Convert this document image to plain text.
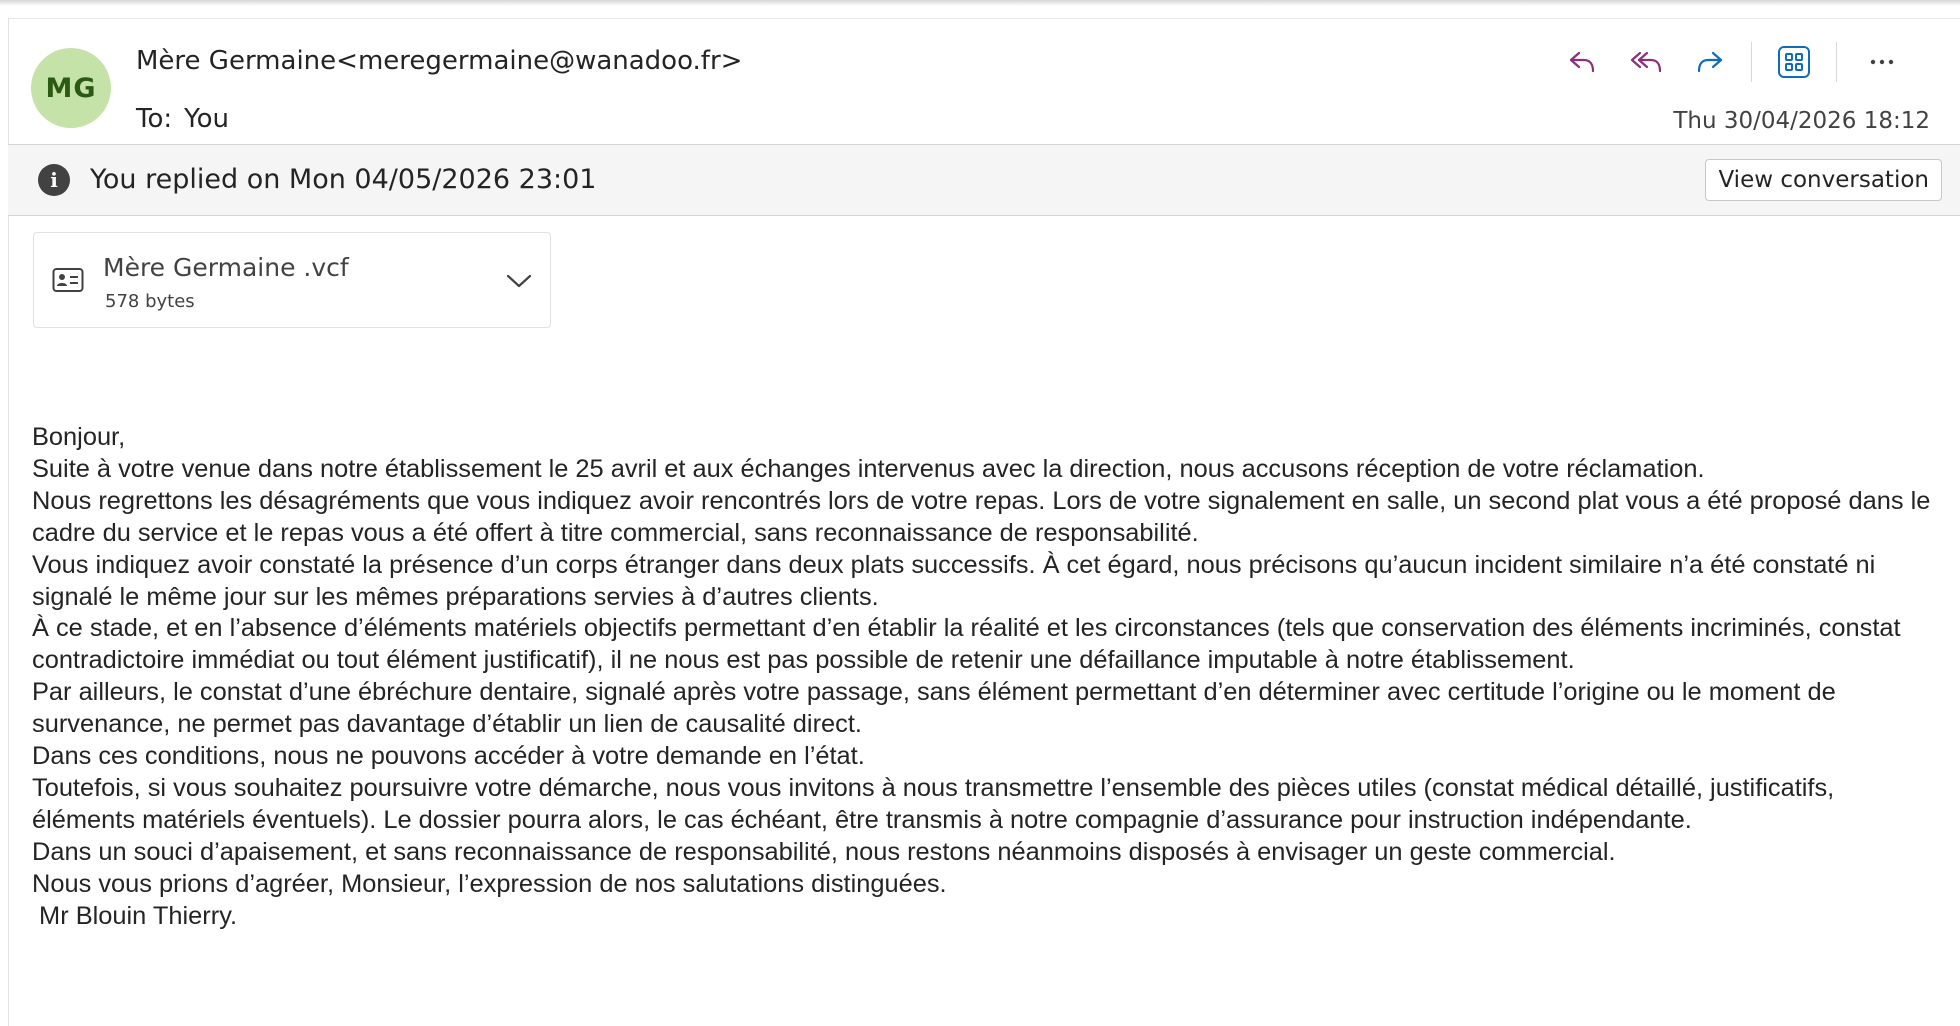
MG
Mère Germaine<meregermaine@wanadoo.fr>
To: You	Thu 30/04/2026 18:12
i	You replied on Mon 04/05/2026 23:01	View conversation
Mère Germaine .vcf
578 bytes

Bonjour,

Suite à votre venue dans notre établissement le 25 avril et aux échanges intervenus avec la direction, nous accusons réception de votre réclamation.

Nous regrettons les désagréments que vous indiquez avoir rencontrés lors de votre repas. Lors de votre signalement en salle, un second plat vous a été proposé dans le cadre du service et le repas vous a été offert à titre commercial, sans reconnaissance de responsabilité.

Vous indiquez avoir constaté la présence d’un corps étranger dans deux plats successifs. À cet égard, nous précisons qu’aucun incident similaire n’a été constaté ni signalé le même jour sur les mêmes préparations servies à d’autres clients.

À ce stade, et en l’absence d’éléments matériels objectifs permettant d’en établir la réalité et les circonstances (tels que conservation des éléments incriminés, constat contradictoire immédiat ou tout élément justificatif), il ne nous est pas possible de retenir une défaillance imputable à notre établissement.

Par ailleurs, le constat d’une ébréchure dentaire, signalé après votre passage, sans élément permettant d’en déterminer avec certitude l’origine ou le moment de survenance, ne permet pas davantage d’établir un lien de causalité direct.

Dans ces conditions, nous ne pouvons accéder à votre demande en l’état.

Toutefois, si vous souhaitez poursuivre votre démarche, nous vous invitons à nous transmettre l’ensemble des pièces utiles (constat médical détaillé, justificatifs, éléments matériels éventuels). Le dossier pourra alors, le cas échéant, être transmis à notre compagnie d’assurance pour instruction indépendante.

Dans un souci d’apaisement, et sans reconnaissance de responsabilité, nous restons néanmoins disposés à envisager un geste commercial.

Nous vous prions d’agréer, Monsieur, l’expression de nos salutations distinguées.

Mr Blouin Thierry.
